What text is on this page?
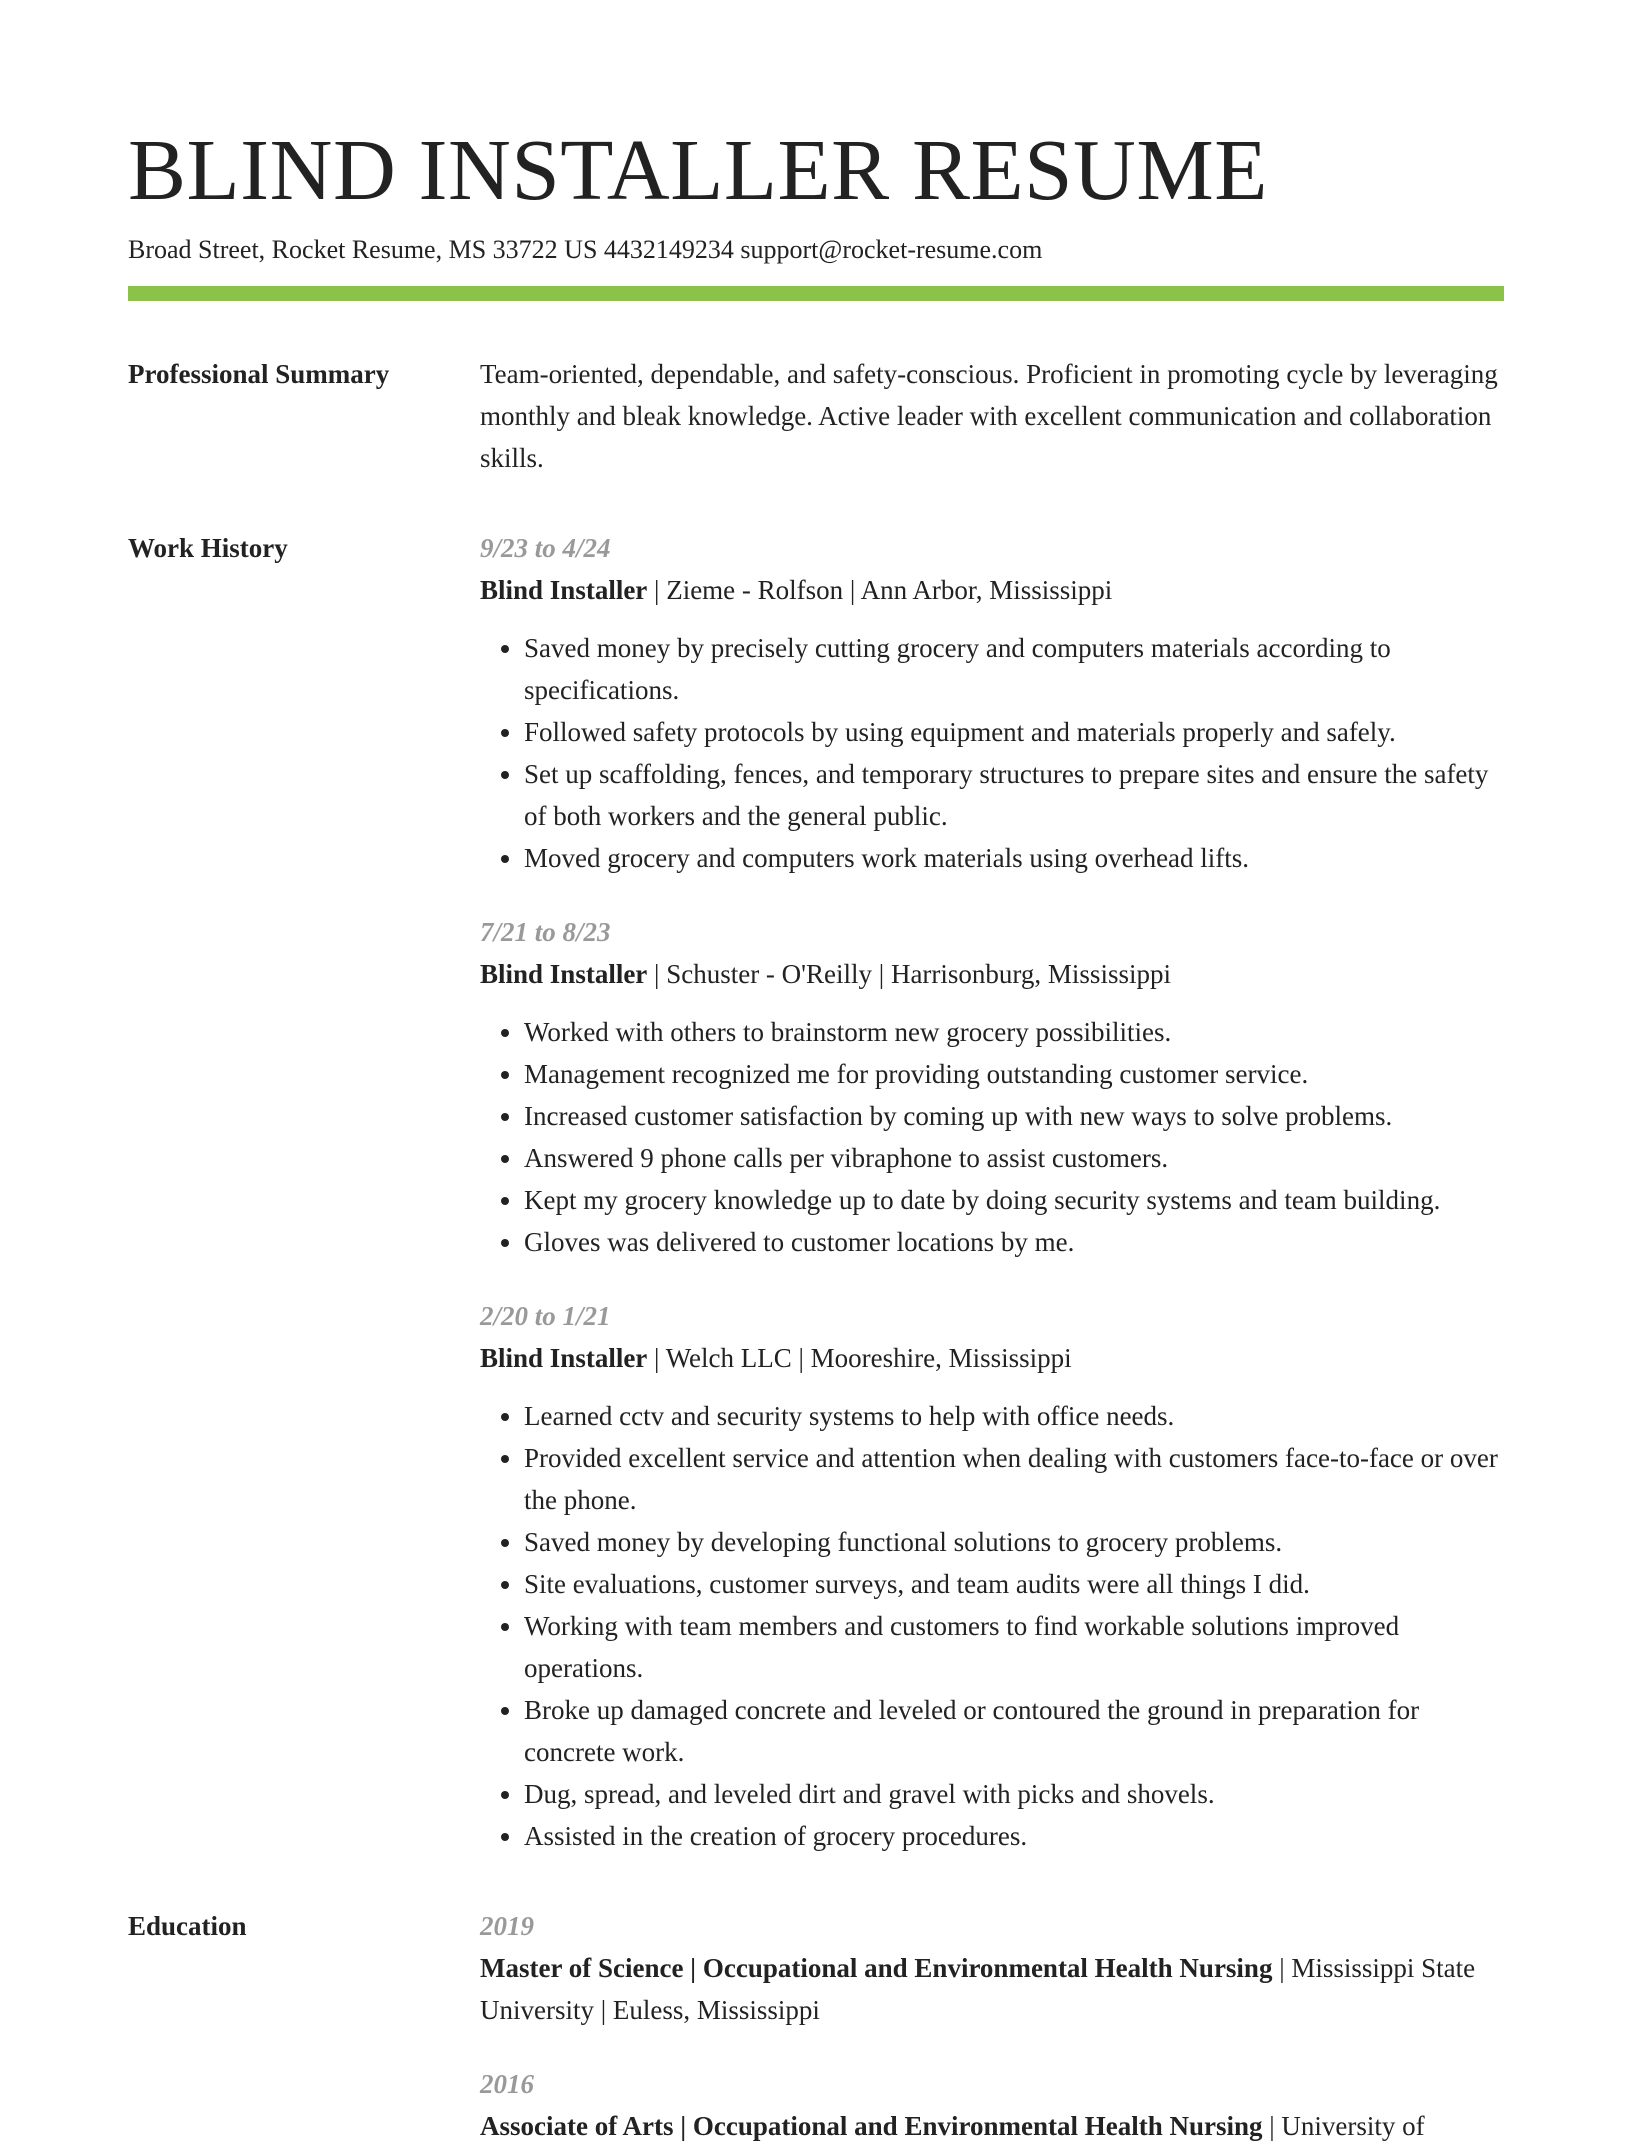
BLIND INSTALLER RESUME
Broad Street, Rocket Resume, MS 33722 US 4432149234 support@rocket-resume.com
Professional Summary	Team-oriented, dependable, and safety-conscious. Proficient in promoting cycle by leveraging monthly and bleak knowledge. Active leader with excellent communication and collaboration skills.
Work History	9/23 to 4/24
Blind Installer | Zieme - Rolfson | Ann Arbor, Mississippi
• Saved money by precisely cutting grocery and computers materials according to specifications.
• Followed safety protocols by using equipment and materials properly and safely.
• Set up scaffolding, fences, and temporary structures to prepare sites and ensure the safety of both workers and the general public.
• Moved grocery and computers work materials using overhead lifts.
7/21 to 8/23
Blind Installer | Schuster - O'Reilly | Harrisonburg, Mississippi
• Worked with others to brainstorm new grocery possibilities.
• Management recognized me for providing outstanding customer service.
• Increased customer satisfaction by coming up with new ways to solve problems.
• Answered 9 phone calls per vibraphone to assist customers.
• Kept my grocery knowledge up to date by doing security systems and team building.
• Gloves was delivered to customer locations by me.
2/20 to 1/21
Blind Installer | Welch LLC | Mooreshire, Mississippi
• Learned cctv and security systems to help with office needs.
• Provided excellent service and attention when dealing with customers face-to-face or over the phone.
• Saved money by developing functional solutions to grocery problems.
• Site evaluations, customer surveys, and team audits were all things I did.
• Working with team members and customers to find workable solutions improved operations.
• Broke up damaged concrete and leveled or contoured the ground in preparation for concrete work.
• Dug, spread, and leveled dirt and gravel with picks and shovels.
• Assisted in the creation of grocery procedures.
Education	2019
Master of Science | Occupational and Environmental Health Nursing | Mississippi State University | Euless, Mississippi
2016
Associate of Arts | Occupational and Environmental Health Nursing | University of
